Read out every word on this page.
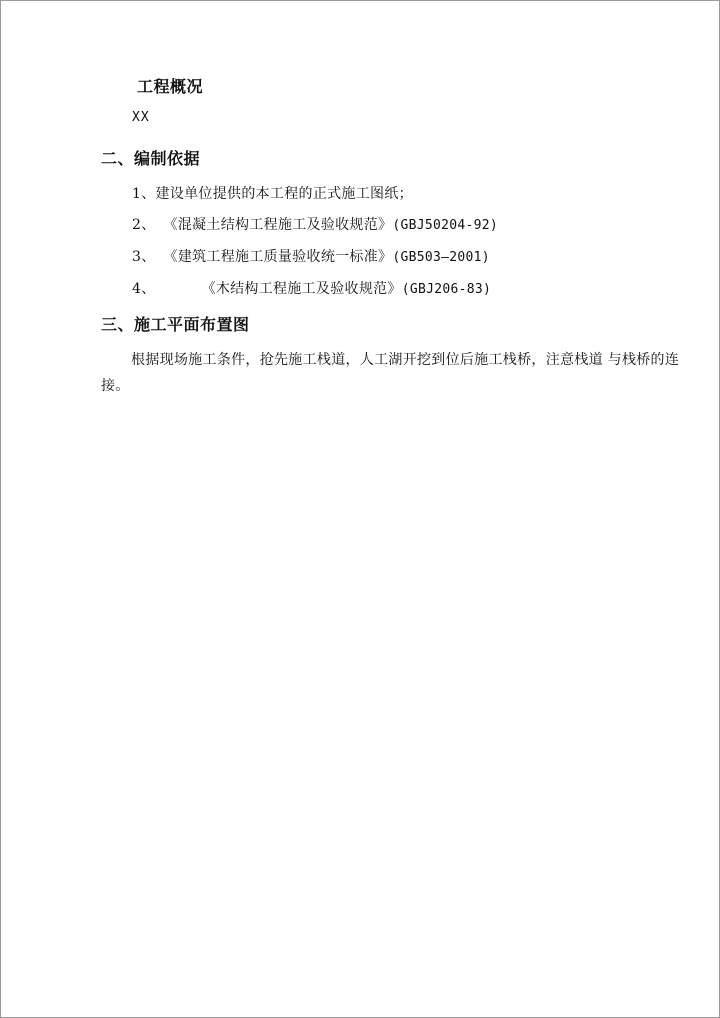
工程概况
XX
二、编制依据
1、建设单位提供的本工程的正式施工图纸；
2、 《混凝土结构工程施工及验收规范》(GBJ50204-92)
3、 《建筑工程施工质量验收统一标准》(GB503—2001)
4、	《木结构工程施工及验收规范》(GBJ206-83)
三、施工平面布置图
根据现场施工条件，抢先施工栈道，人工湖开挖到位后施工栈桥，注意栈道 与栈桥的连接。
